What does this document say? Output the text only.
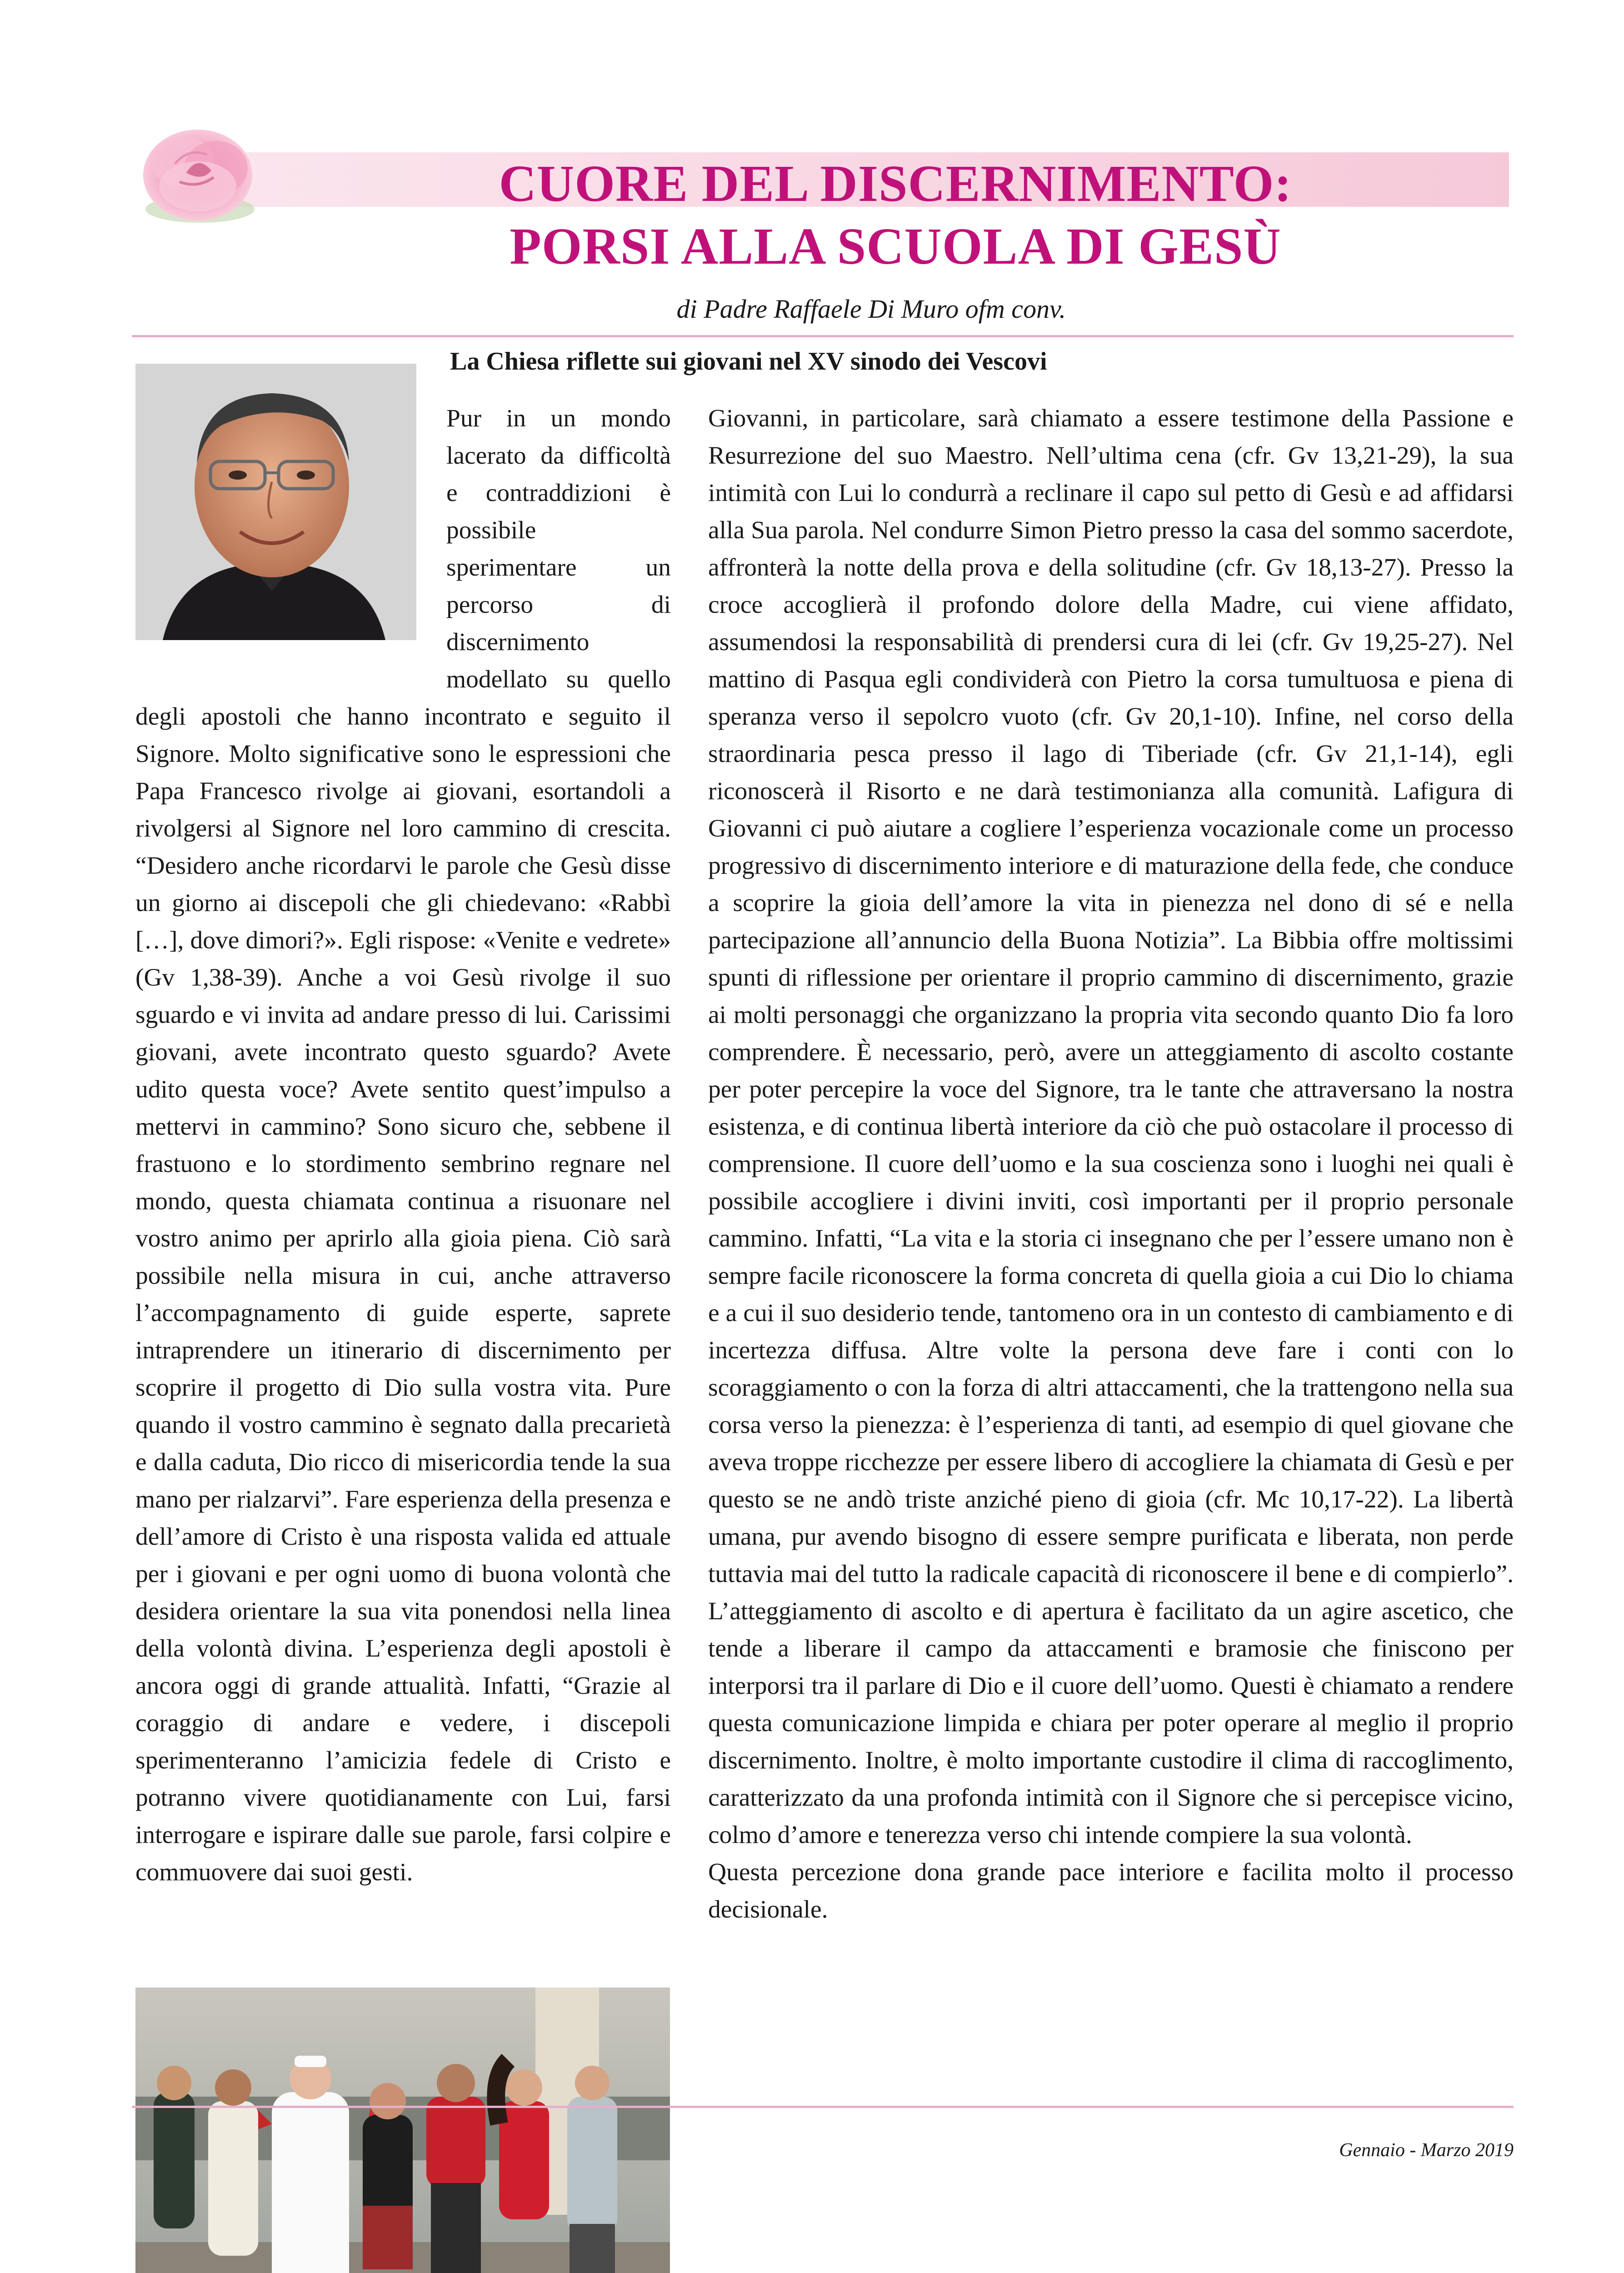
CUORE DEL DISCERNIMENTO:
PORSI ALLA SCUOLA DI GESÙ
di Padre Raffaele Di Muro ofm conv.
La Chiesa riflette sui giovani nel XV sinodo dei Vescovi

Pur in un mondo lacerato da difficoltà e contraddizioni è possibile sperimentare un percorso di discernimento modellato su quello degli apostoli che hanno incontrato e seguito il Signore. Molto significative sono le espressioni che Papa Francesco rivolge ai giovani, esortandoli a rivolgersi al Signore nel loro cammino di crescita. “Desidero anche ricordarvi le parole che Gesù disse un giorno ai discepoli che gli chiedevano: «Rabbì […], dove dimori?». Egli rispose: «Venite e vedrete» (Gv 1,38-39). Anche a voi Gesù rivolge il suo sguardo e vi invita ad andare presso di lui. Carissimi giovani, avete incontrato questo sguardo? Avete udito questa voce? Avete sentito quest’impulso a mettervi in cammino? Sono sicuro che, sebbene il frastuono e lo stordimento sembrino regnare nel mondo, questa chiamata continua a risuonare nel vostro animo per aprirlo alla gioia piena. Ciò sarà possibile nella misura in cui, anche attraverso l’accompagnamento di guide esperte, saprete intraprendere un itinerario di discernimento per scoprire il progetto di Dio sulla vostra vita. Pure quando il vostro cammino è segnato dalla precarietà e dalla caduta, Dio ricco di misericordia tende la sua mano per rialzarvi”. Fare esperienza della presenza e dell’amore di Cristo è una risposta valida ed attuale per i giovani e per ogni uomo di buona volontà che desidera orientare la sua vita ponendosi nella linea della volontà divina. L’esperienza degli apostoli è ancora oggi di grande attualità. Infatti, “Grazie al coraggio di andare e vedere, i discepoli sperimenteranno l’amicizia fedele di Cristo e potranno vivere quotidianamente con Lui, farsi interrogare e ispirare dalle sue parole, farsi colpire e commuovere dai suoi gesti.

Giovanni, in particolare, sarà chiamato a essere testimone della Passione e Resurrezione del suo Maestro. Nell’ultima cena (cfr. Gv 13,21-29), la sua intimità con Lui lo condurrà a reclinare il capo sul petto di Gesù e ad affidarsi alla Sua parola. Nel condurre Simon Pietro presso la casa del sommo sacerdote, affronterà la notte della prova e della solitudine (cfr. Gv 18,13-27). Presso la croce accoglierà il profondo dolore della Madre, cui viene affidato, assumendosi la responsabilità di prendersi cura di lei (cfr. Gv 19,25-27). Nel mattino di Pasqua egli condividerà con Pietro la corsa tumultuosa e piena di speranza verso il sepolcro vuoto (cfr. Gv 20,1-10). Infine, nel corso della straordinaria pesca presso il lago di Tiberiade (cfr. Gv 21,1-14), egli riconoscerà il Risorto e ne darà testimonianza alla comunità. Lafigura di Giovanni ci può aiutare a cogliere l’esperienza vocazionale come un processo progressivo di discernimento interiore e di maturazione della fede, che conduce a scoprire la gioia dell’amore la vita in pienezza nel dono di sé e nella partecipazione all’annuncio della Buona Notizia”. La Bibbia offre moltissimi spunti di riflessione per orientare il proprio cammino di discernimento, grazie ai molti personaggi che organizzano la propria vita secondo quanto Dio fa loro comprendere. È necessario, però, avere un atteggiamento di ascolto costante per poter percepire la voce del Signore, tra le tante che attraversano la nostra esistenza, e di continua libertà interiore da ciò che può ostacolare il processo di comprensione. Il cuore dell’uomo e la sua coscienza sono i luoghi nei quali è possibile accogliere i divini inviti, così importanti per il proprio personale cammino. Infatti, “La vita e la storia ci insegnano che per l’essere umano non è sempre facile riconoscere la forma concreta di quella gioia a cui Dio lo chiama e a cui il suo desiderio tende, tantomeno ora in un contesto di cambiamento e di incertezza diffusa. Altre volte la persona deve fare i conti con lo scoraggiamento o con la forza di altri attaccamenti, che la trattengono nella sua corsa verso la pienezza: è l’esperienza di tanti, ad esempio di quel giovane che aveva troppe ricchezze per essere libero di accogliere la chiamata di Gesù e per questo se ne andò triste anziché pieno di gioia (cfr. Mc 10,17-22). La libertà umana, pur avendo bisogno di essere sempre purificata e liberata, non perde tuttavia mai del tutto la radicale capacità di riconoscere il bene e di compierlo”. L’atteggiamento di ascolto e di apertura è facilitato da un agire ascetico, che tende a liberare il campo da attaccamenti e bramosie che finiscono per interporsi tra il parlare di Dio e il cuore dell’uomo. Questi è chiamato a rendere questa comunicazione limpida e chiara per poter operare al meglio il proprio discernimento. Inoltre, è molto importante custodire il clima di raccoglimento, caratterizzato da una profonda intimità con il Signore che si percepisce vicino, colmo d’amore e tenerezza verso chi intende compiere la sua volontà.

Questa percezione dona grande pace interiore e facilita molto il processo decisionale.

Gennaio - Marzo 2019
